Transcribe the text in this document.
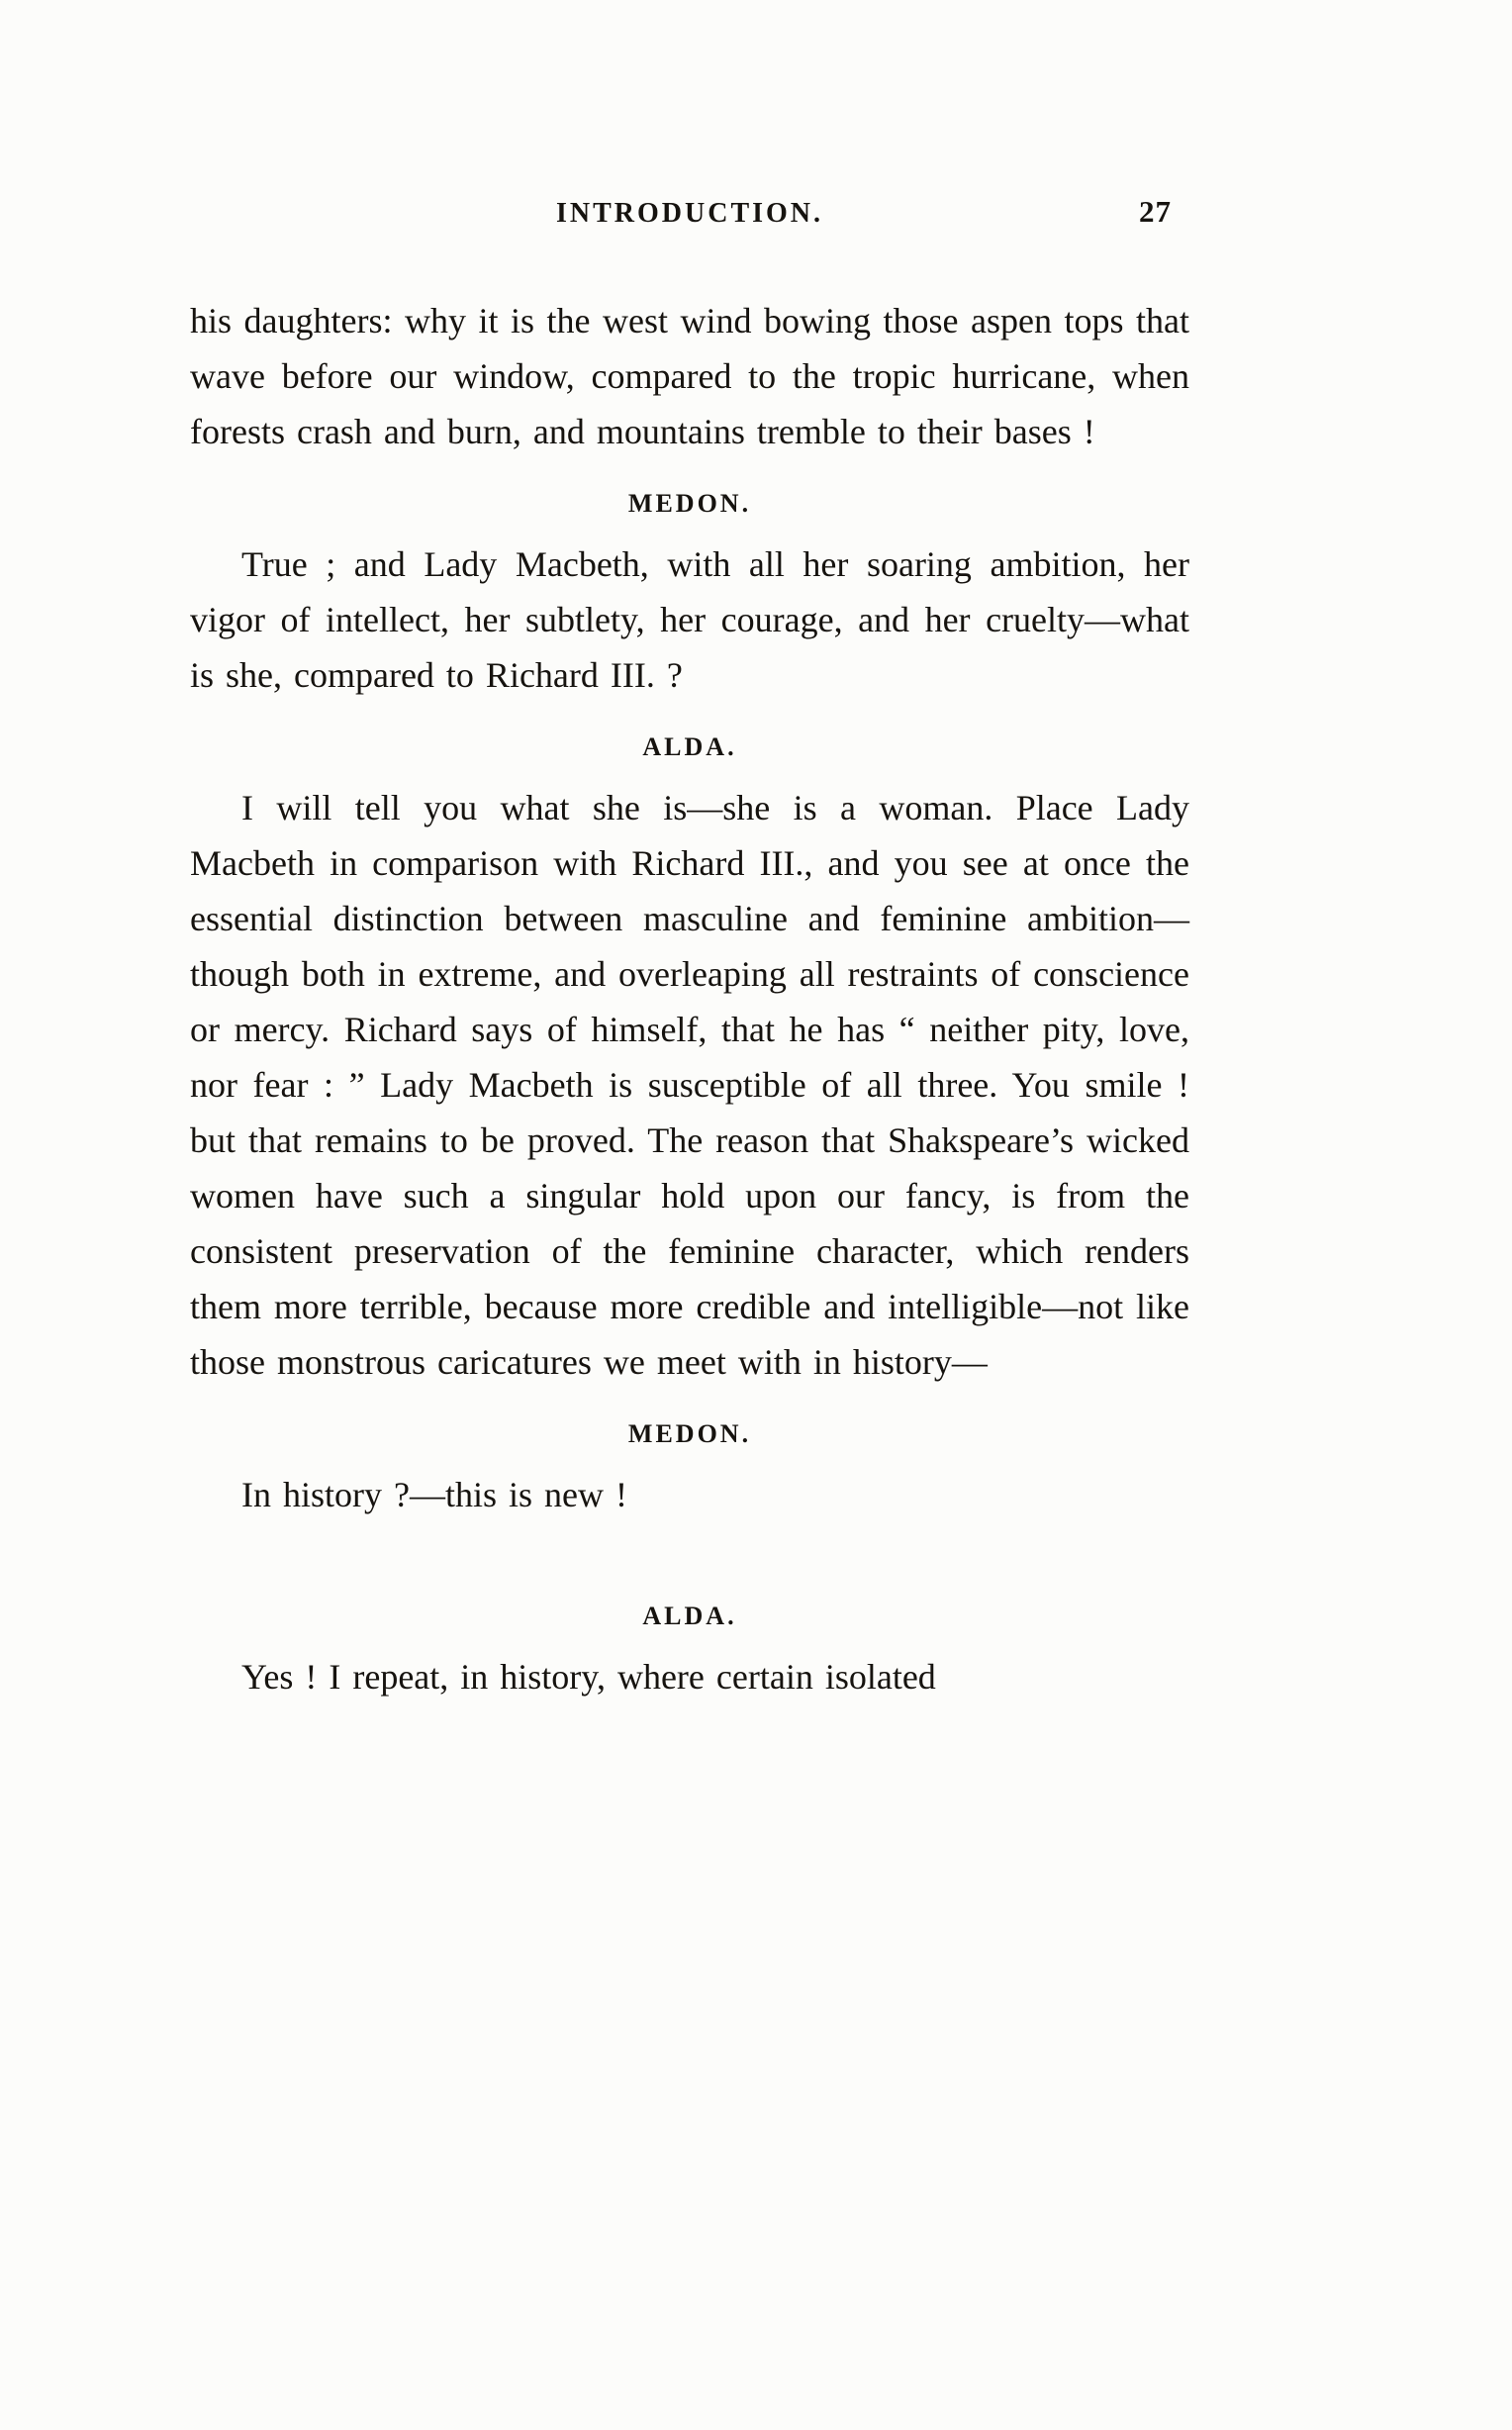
INTRODUCTION.	27

his daughters: why it is the west wind bowing those aspen tops that wave before our window, compared to the tropic hurricane, when forests crash and burn, and mountains tremble to their bases !

MEDON.

True ; and Lady Macbeth, with all her soaring ambition, her vigor of intellect, her subtlety, her courage, and her cruelty—what is she, compared to Richard III. ?

ALDA.

I will tell you what she is—she is a woman. Place Lady Macbeth in comparison with Richard III., and you see at once the essential distinction between masculine and feminine ambition—though both in extreme, and overleaping all restraints of conscience or mercy. Richard says of himself, that he has “ neither pity, love, nor fear : ” Lady Macbeth is susceptible of all three. You smile ! but that remains to be proved. The reason that Shakspeare’s wicked women have such a singular hold upon our fancy, is from the consistent preservation of the feminine character, which renders them more terrible, because more credible and intelligible—not like those monstrous caricatures we meet with in history—

MEDON.

In history ?—this is new !

ALDA.

Yes ! I repeat, in history, where certain isolated
